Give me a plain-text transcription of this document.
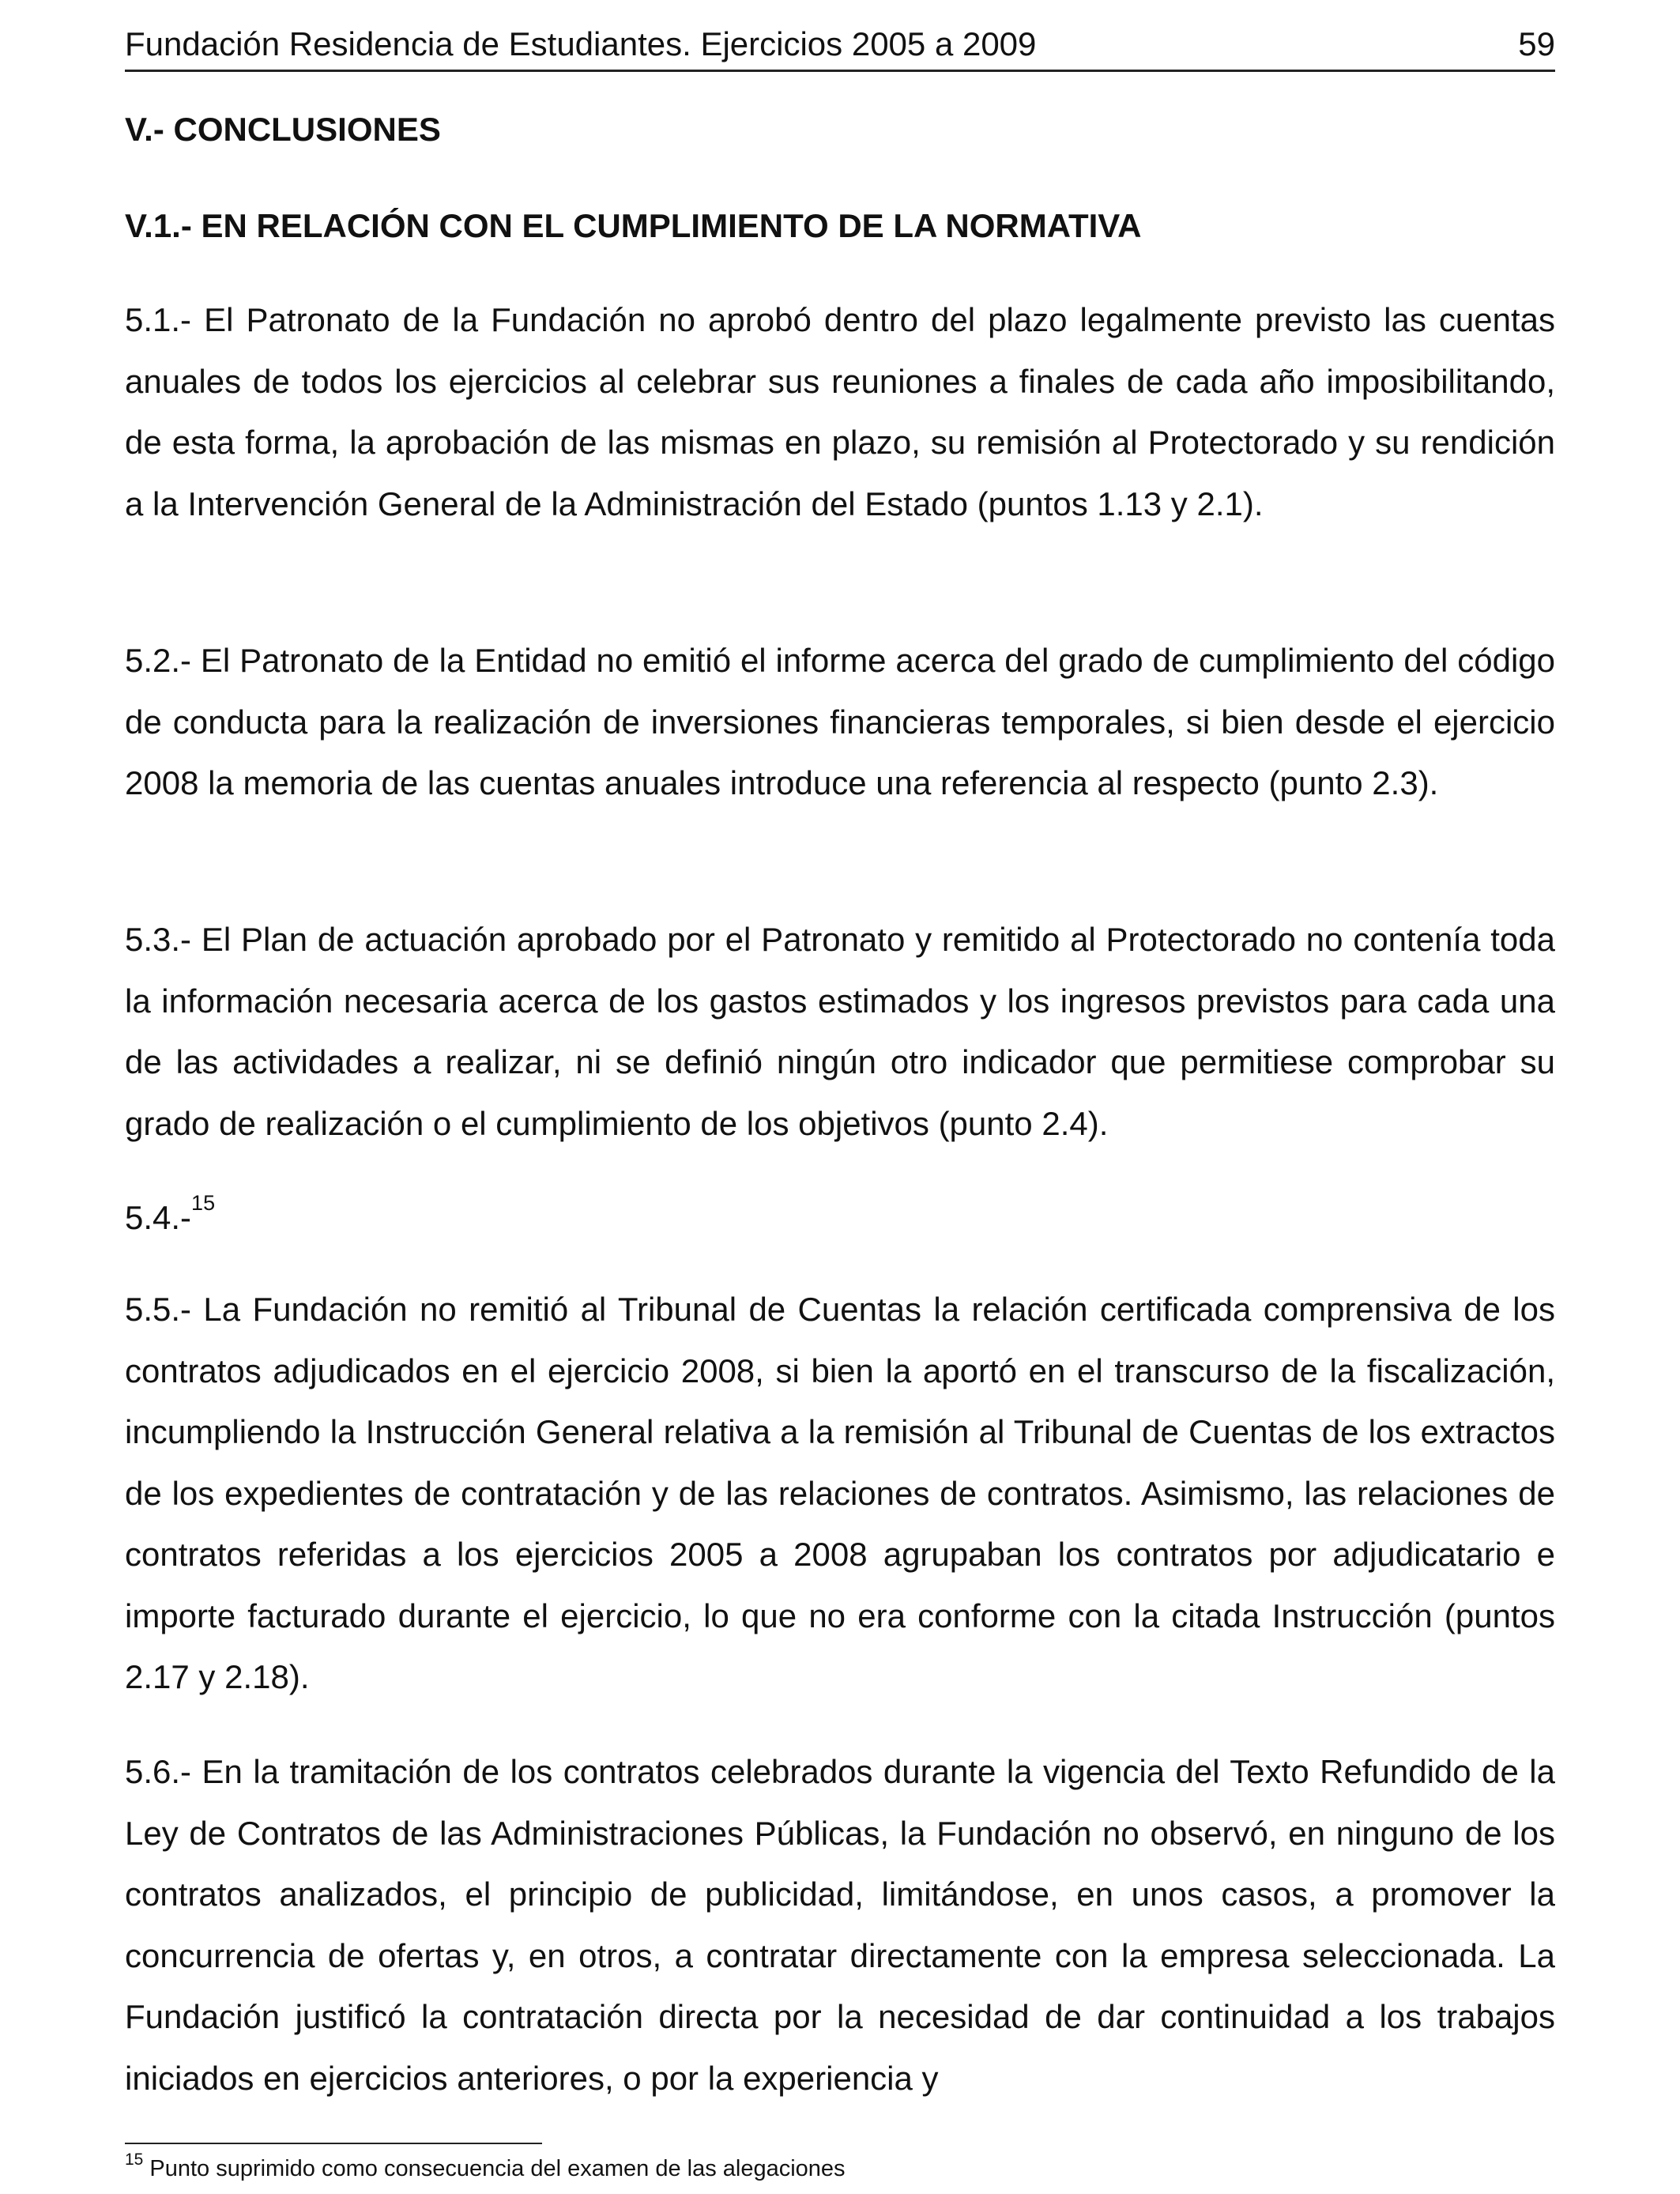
Fundación Residencia de Estudiantes. Ejercicios 2005 a 2009	59
V.- CONCLUSIONES
V.1.- EN RELACIÓN CON EL CUMPLIMIENTO DE LA NORMATIVA

5.1.- El Patronato de la Fundación no aprobó dentro del plazo legalmente previsto las cuentas anuales de todos los ejercicios al celebrar sus reuniones a finales de cada año imposibilitando, de esta forma, la aprobación de las mismas en plazo, su remisión al Protectorado y su rendición a la Intervención General de la Administración del Estado (puntos 1.13 y 2.1).

5.2.- El Patronato de la Entidad no emitió el informe acerca del grado de cumplimiento del código de conducta para la realización de inversiones financieras temporales, si bien desde el ejercicio 2008 la memoria de las cuentas anuales introduce una referencia al respecto (punto 2.3).

5.3.- El Plan de actuación aprobado por el Patronato y remitido al Protectorado no contenía toda la información necesaria acerca de los gastos estimados y los ingresos previstos para cada una de las actividades a realizar, ni se definió ningún otro indicador que permitiese comprobar su grado de realización o el cumplimiento de los objetivos (punto 2.4).

5.4.-$^{15}$

5.5.- La Fundación no remitió al Tribunal de Cuentas la relación certificada comprensiva de los contratos adjudicados en el ejercicio 2008, si bien la aportó en el transcurso de la fiscalización, incumpliendo la Instrucción General relativa a la remisión al Tribunal de Cuentas de los extractos de los expedientes de contratación y de las relaciones de contratos. Asimismo, las relaciones de contratos referidas a los ejercicios 2005 a 2008 agrupaban los contratos por adjudicatario e importe facturado durante el ejercicio, lo que no era conforme con la citada Instrucción (puntos 2.17 y 2.18).

5.6.- En la tramitación de los contratos celebrados durante la vigencia del Texto Refundido de la Ley de Contratos de las Administraciones Públicas, la Fundación no observó, en ninguno de los contratos analizados, el principio de publicidad, limitándose, en unos casos, a promover la concurrencia de ofertas y, en otros, a contratar directamente con la empresa seleccionada. La Fundación justificó la contratación directa por la necesidad de dar continuidad a los trabajos iniciados en ejercicios anteriores, o por la experiencia y

$^{15}$ Punto suprimido como consecuencia del examen de las alegaciones
